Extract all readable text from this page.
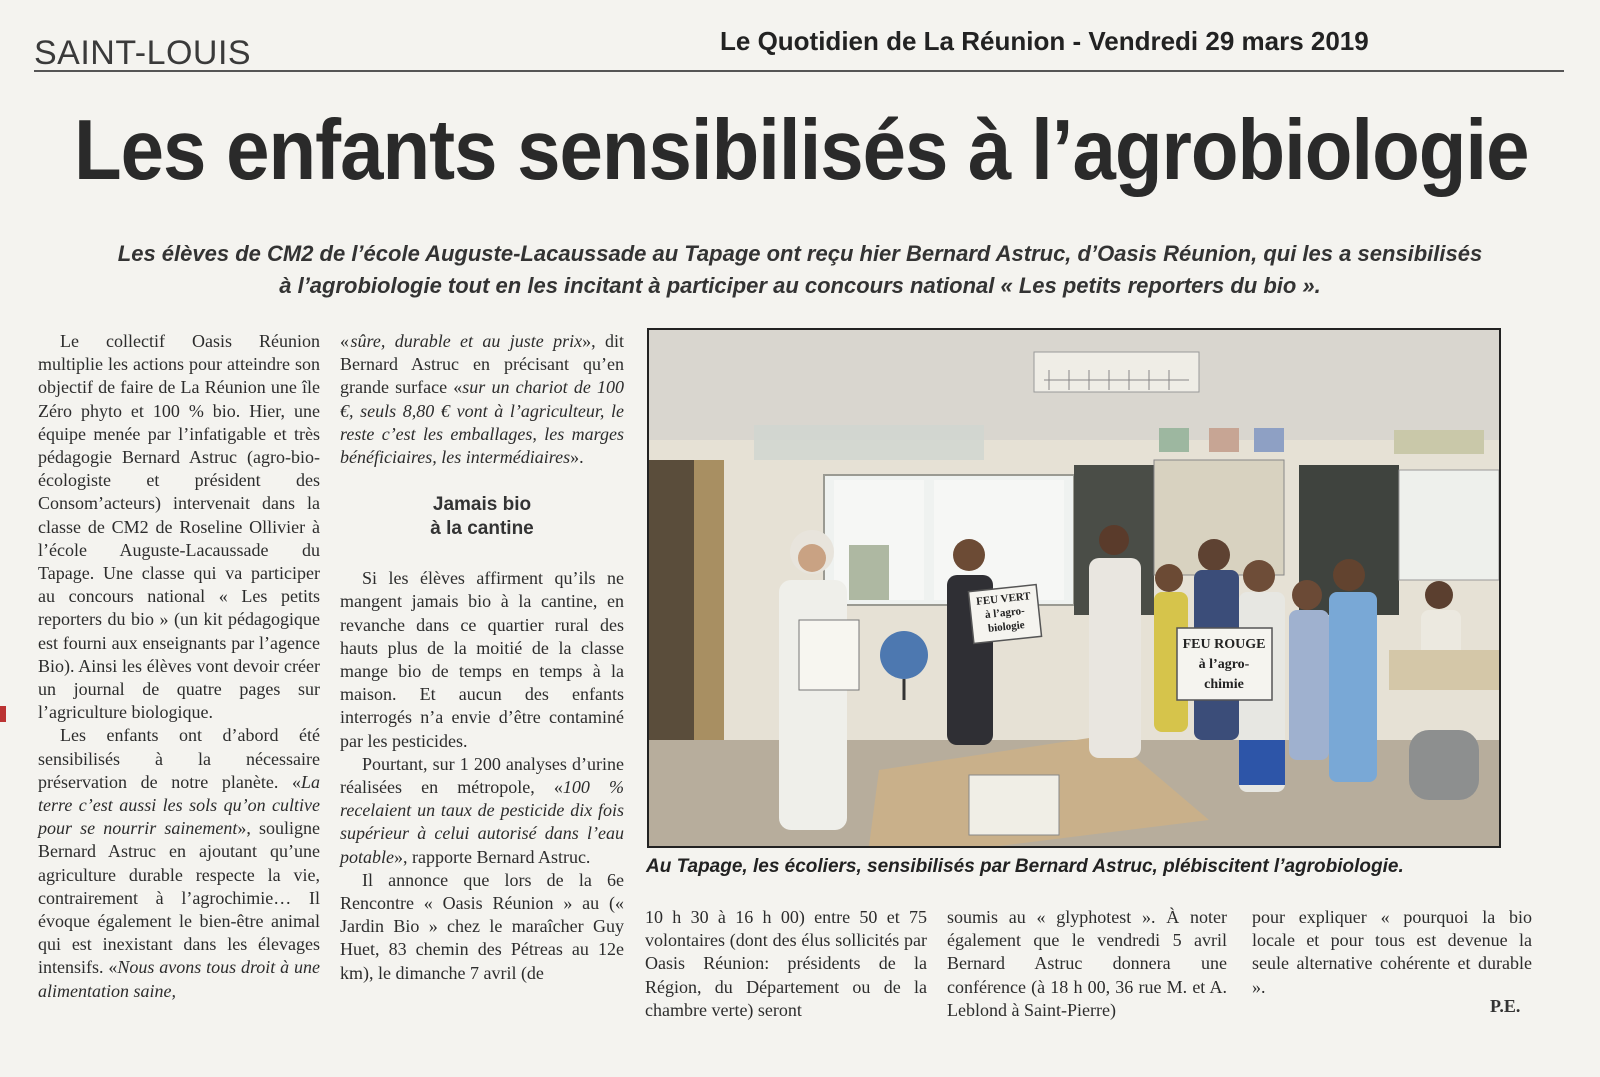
SAINT-LOUIS	Le Quotidien de La Réunion - Vendredi 29 mars 2019
Les enfants sensibilisés à l’agrobiologie
Les élèves de CM2 de l’école Auguste-Lacaussade au Tapage ont reçu hier Bernard Astruc, d’Oasis Réunion, qui les a sensibilisés
à l’agrobiologie tout en les incitant à participer au concours national « Les petits reporters du bio ».

Le collectif Oasis Réunion multiplie les actions pour atteindre son objectif de faire de La Réunion une île Zéro phyto et 100 % bio. Hier, une équipe menée par l’infatigable et très pédagogie Bernard Astruc (agro-bio-écologiste et président des Consom’acteurs) intervenait dans la classe de CM2 de Roseline Ollivier à l’école Auguste-Lacaussade du Tapage. Une classe qui va participer au concours national « Les petits reporters du bio » (un kit pédagogique est fourni aux enseignants par l’agence Bio). Ainsi les élèves vont devoir créer un journal de quatre pages sur l’agriculture biologique.

Les enfants ont d’abord été sensibilisés à la nécessaire préservation de notre planète. «La terre c’est aussi les sols qu’on cultive pour se nourrir sainement», souligne Bernard Astruc en ajoutant qu’une agriculture durable respecte la vie, contrairement à l’agrochimie… Il évoque également le bien-être animal qui est inexistant dans les élevages intensifs. «Nous avons tous droit à une alimentation saine,

« sûre, durable et au juste prix», dit Bernard Astruc en précisant qu’en grande surface «sur un chariot de 100 €, seuls 8,80 € vont à l’agriculteur, le reste c’est les emballages, les marges bénéficiaires, les intermédiaires».

Jamais bio
à la cantine

Si les élèves affirment qu’ils ne mangent jamais bio à la cantine, en revanche dans ce quartier rural des hauts plus de la moitié de la classe mange bio de temps en temps à la maison. Et aucun des enfants interrogés n’a envie d’être contaminé par les pesticides.

Pourtant, sur 1 200 analyses d’urine réalisées en métropole, «100 % recelaient un taux de pesticide dix fois supérieur à celui autorisé dans l’eau potable», rapporte Bernard Astruc.

Il annonce que lors de la 6e Rencontre « Oasis Réunion » au (« Jardin Bio » chez le maraîcher Guy Huet, 83 chemin des Pétreas au 12e km), le dimanche 7 avril (de

FEU VERT
à l’agro-
biologie
FEU ROUGE
à l’agro-
chimie
Au Tapage, les écoliers, sensibilisés par Bernard Astruc, plébiscitent l’agrobiologie.

10 h 30 à 16 h 00) entre 50 et 75 volontaires (dont des élus sollicités par Oasis Réunion: présidents de la Région, du Département ou de la chambre verte) seront

soumis au « glyphotest ». À noter également que le vendredi 5 avril Bernard Astruc donnera une conférence (à 18 h 00, 36 rue M. et A. Leblond à Saint-Pierre)

pour expliquer « pourquoi la bio locale et pour tous est devenue la seule alternative cohérente et durable ».

P.E.
